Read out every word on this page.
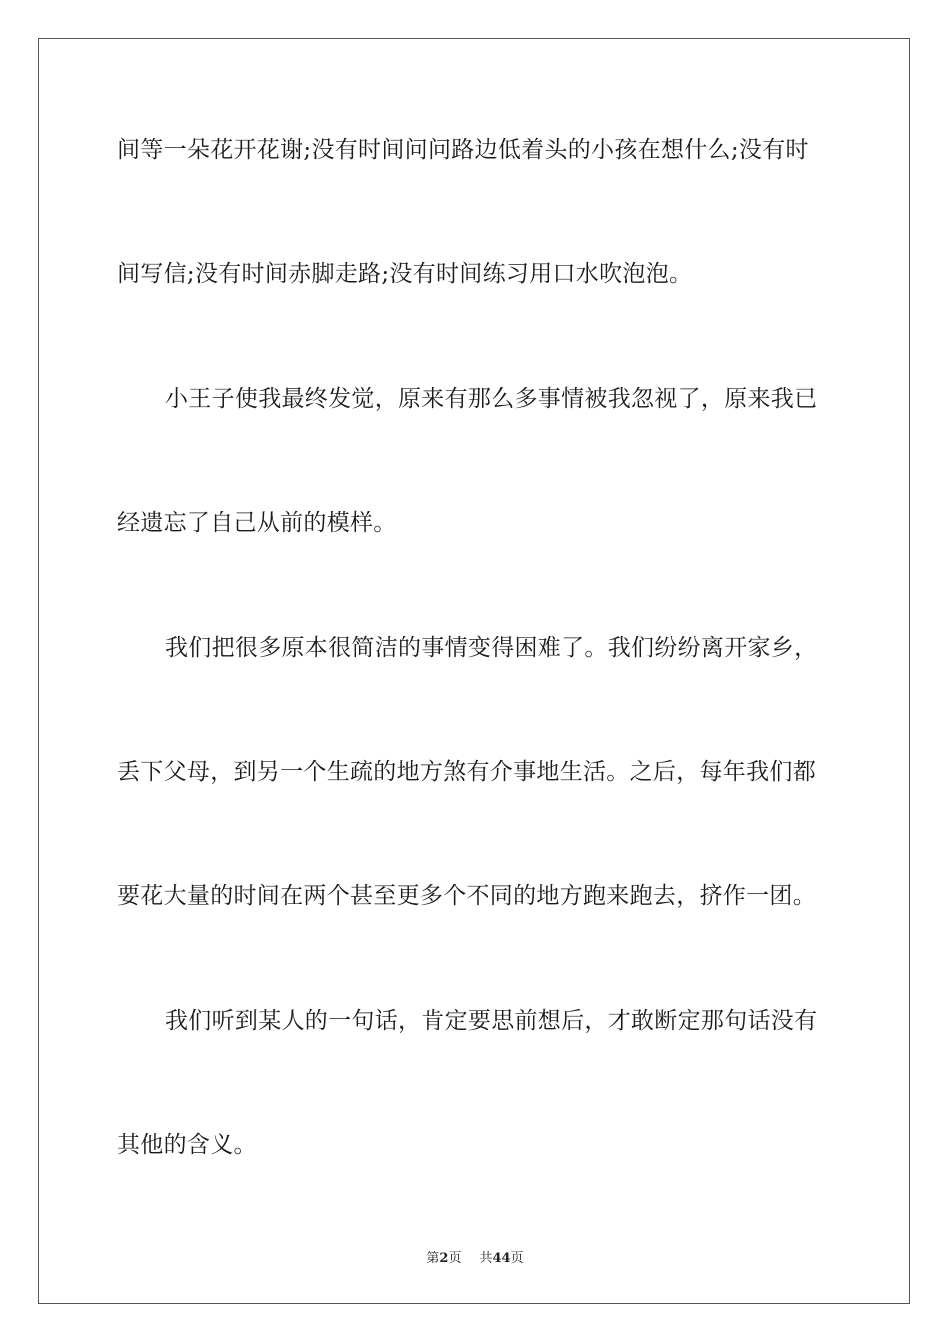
间等一朵花开花谢;没有时间问问路边低着头的小孩在想什么;没有时
间写信;没有时间赤脚走路;没有时间练习用口水吹泡泡。
小王子使我最终发觉，原来有那么多事情被我忽视了，原来我已
经遗忘了自己从前的模样。
我们把很多原本很简洁的事情变得困难了。我们纷纷离开家乡，
丢下父母，到另一个生疏的地方煞有介事地生活。之后，每年我们都
要花大量的时间在两个甚至更多个不同的地方跑来跑去，挤作一团。
我们听到某人的一句话，肯定要思前想后，才敢断定那句话没有
其他的含义。
第2页 共44页
